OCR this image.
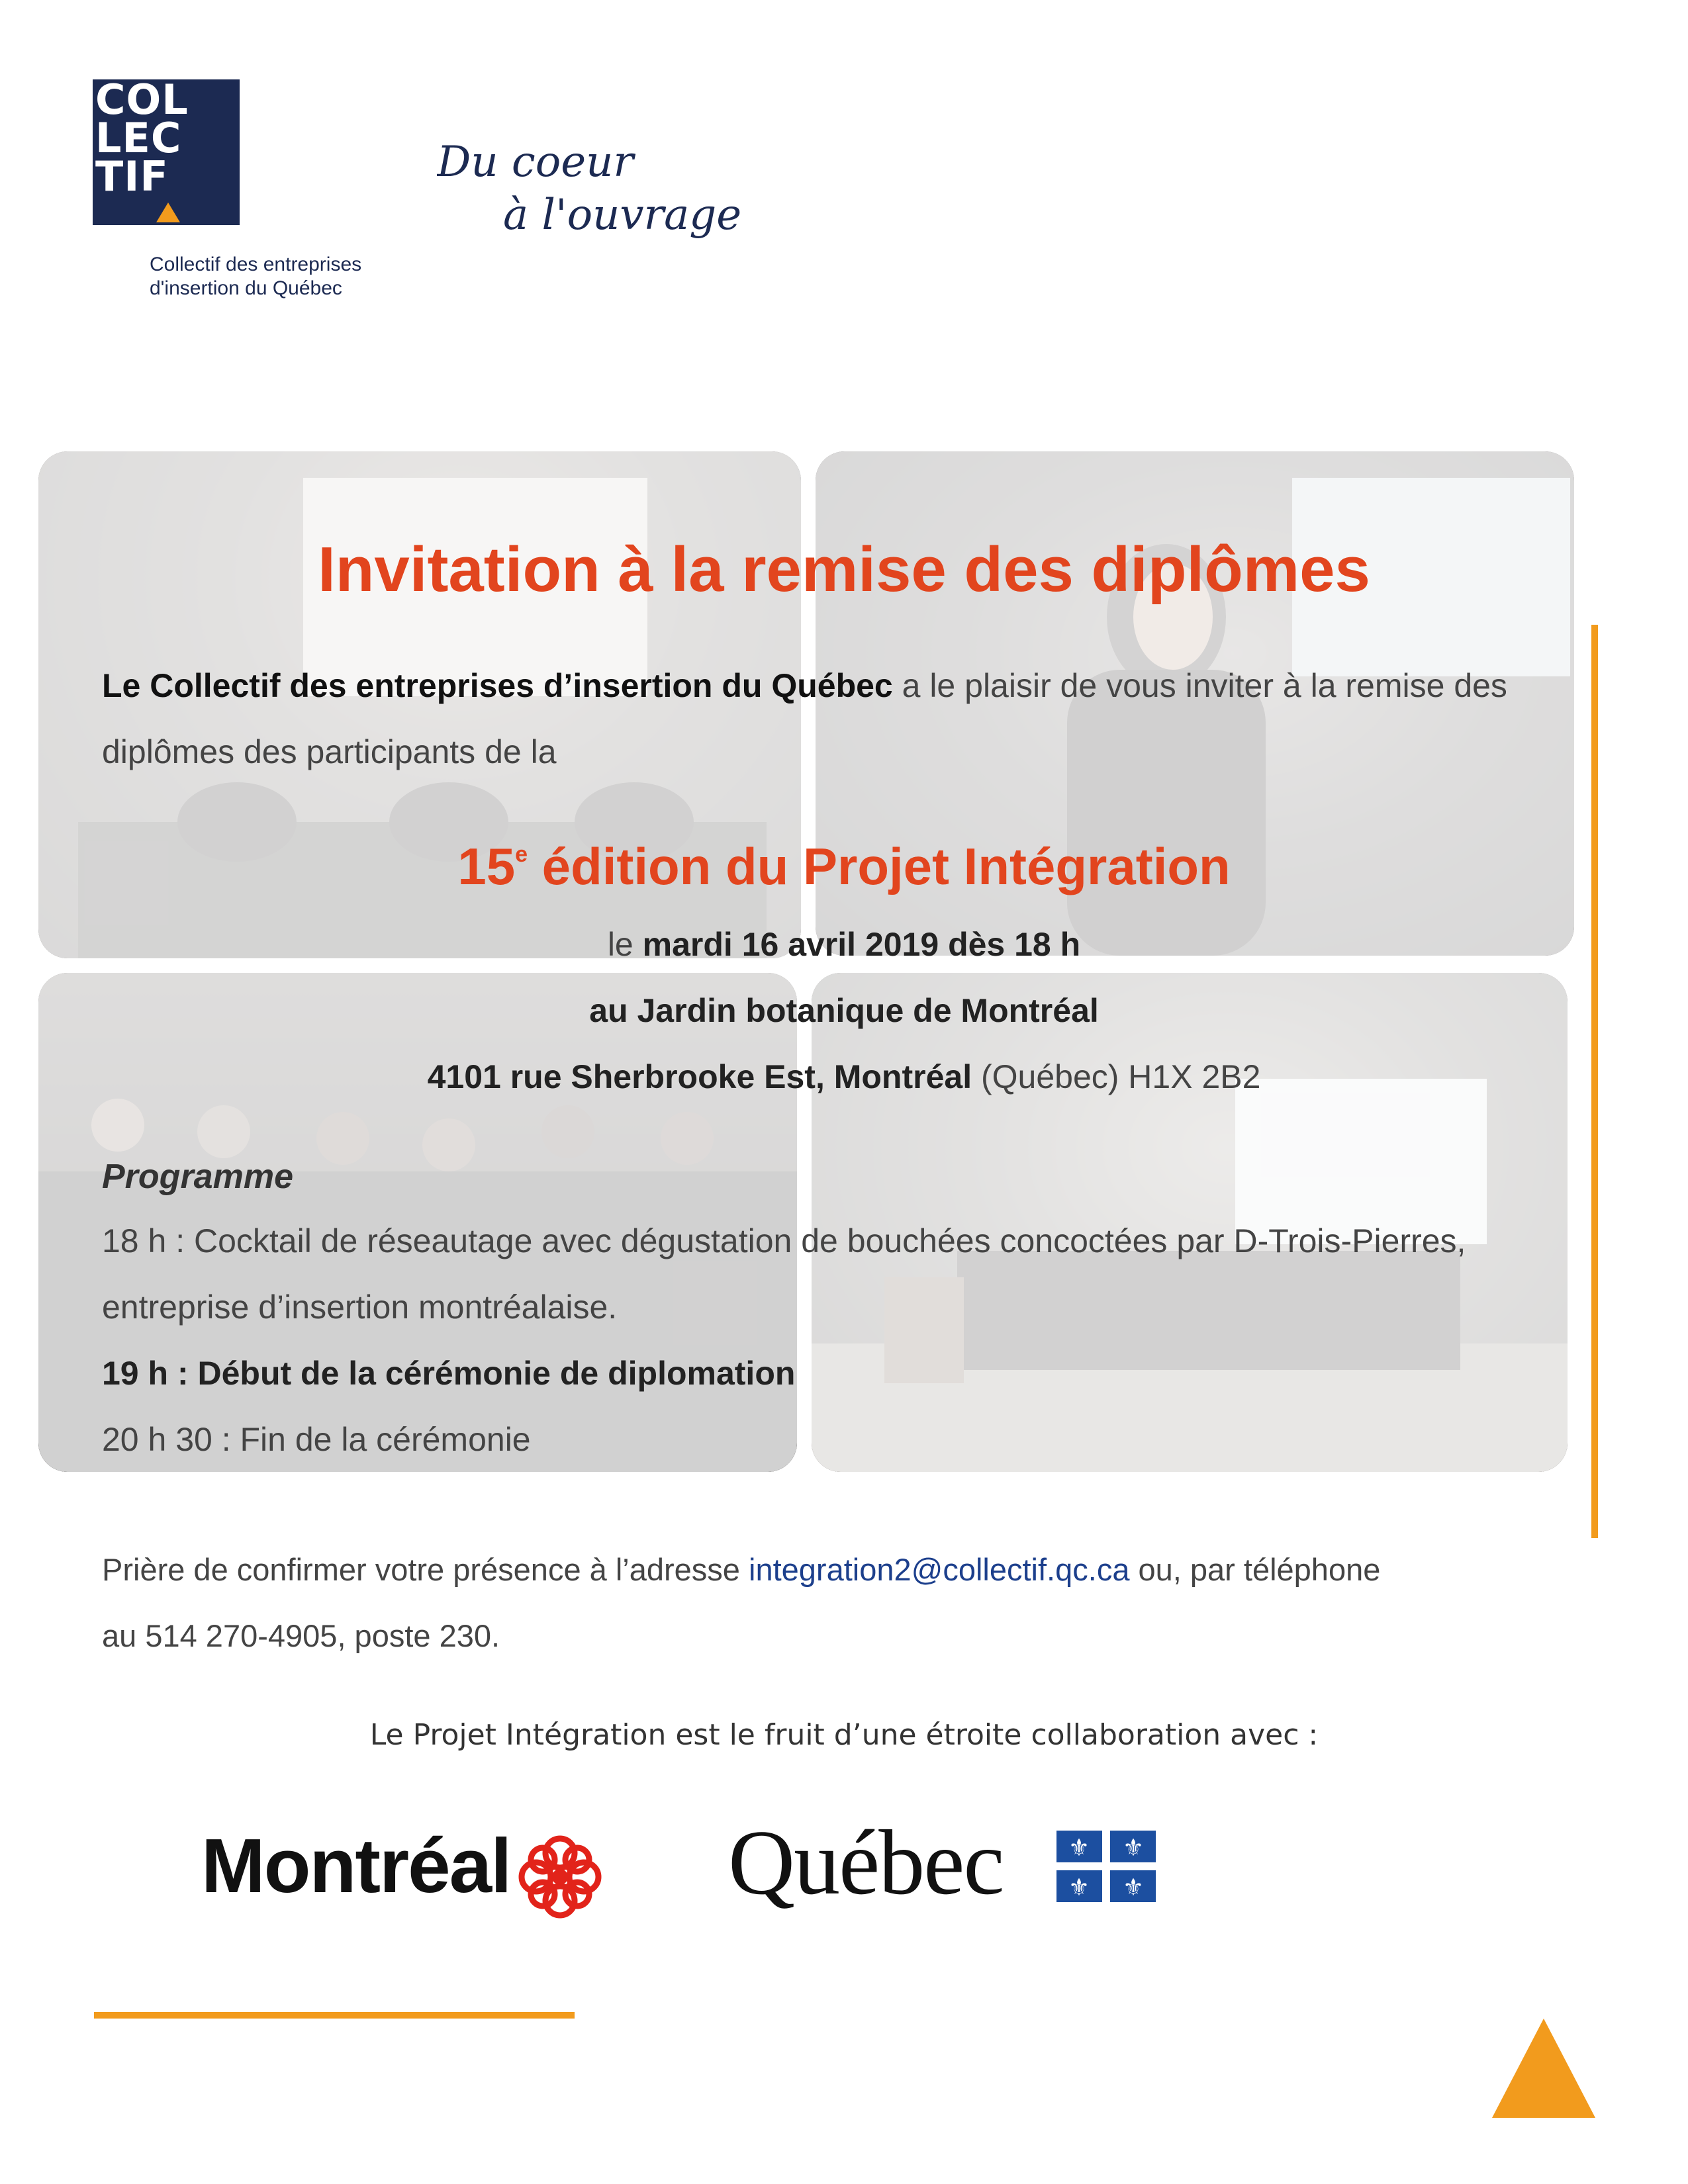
COL
LEC
TIF
Collectif des entreprises
d'insertion du Québec
Du coeur
à l'ouvrage
Invitation à la remise des diplômes
Le Collectif des entreprises d’insertion du Québec a le plaisir de vous inviter à la remise des diplômes des participants de la
15e édition du Projet Intégration
le mardi 16 avril 2019 dès 18 h
au Jardin botanique de Montréal
4101 rue Sherbrooke Est, Montréal (Québec) H1X 2B2
Programme
18 h : Cocktail de réseautage avec dégustation de bouchées concoctées par D-Trois-Pierres,
entreprise d’insertion montréalaise.
19 h : Début de la cérémonie de diplomation
20 h 30 : Fin de la cérémonie
Prière de confirmer votre présence à l’adresse integration2@collectif.qc.ca ou, par téléphone
au 514 270-4905, poste 230.
Le Projet Intégration est le fruit d’une étroite collaboration avec :
Montréal Québec	⚜ ⚜
⚜ ⚜
